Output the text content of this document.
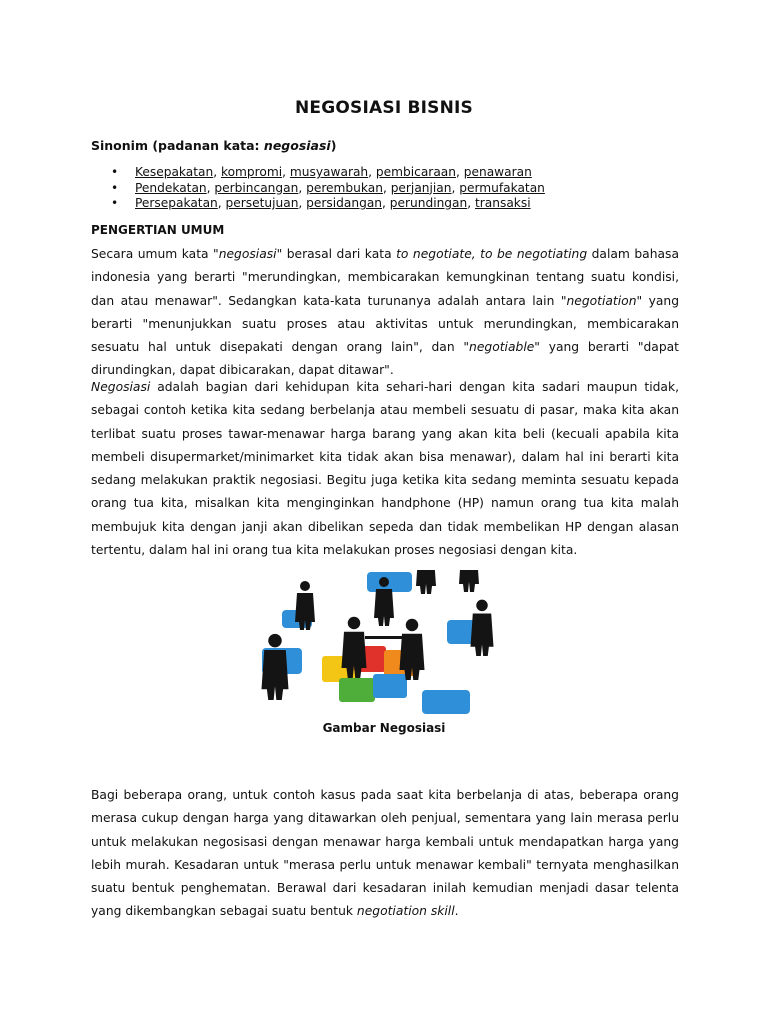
NEGOSIASI BISNIS
Sinonim (padanan kata: negosiasi)
• Kesepakatan, kompromi, musyawarah, pembicaraan, penawaran
• Pendekatan, perbincangan, perembukan, perjanjian, permufakatan
• Persepakatan, persetujuan, persidangan, perundingan, transaksi
PENGERTIAN UMUM

Secara umum kata "negosiasi" berasal dari kata to negotiate, to be negotiating dalam bahasa indonesia yang berarti "merundingkan, membicarakan kemungkinan tentang suatu kondisi, dan atau menawar". Sedangkan kata-kata turunanya adalah antara lain "negotiation" yang berarti "menunjukkan suatu proses atau aktivitas untuk merundingkan, membicarakan sesuatu hal untuk disepakati dengan orang lain", dan "negotiable" yang berarti "dapat dirundingkan, dapat dibicarakan, dapat ditawar".

Negosiasi adalah bagian dari kehidupan kita sehari-hari dengan kita sadari maupun tidak, sebagai contoh ketika kita sedang berbelanja atau membeli sesuatu di pasar, maka kita akan terlibat suatu proses tawar-menawar harga barang yang akan kita beli (kecuali apabila kita membeli disupermarket/minimarket kita tidak akan bisa menawar), dalam hal ini berarti kita sedang melakukan praktik negosiasi. Begitu juga ketika kita sedang meminta sesuatu kepada orang tua kita, misalkan kita menginginkan handphone (HP) namun orang tua kita malah membujuk kita dengan janji akan dibelikan sepeda dan tidak membelikan HP dengan alasan tertentu, dalam hal ini orang tua kita melakukan proses negosiasi dengan kita.

Gambar Negosiasi

Bagi beberapa orang, untuk contoh kasus pada saat kita berbelanja di atas, beberapa orang merasa cukup dengan harga yang ditawarkan oleh penjual, sementara yang lain merasa perlu untuk melakukan negosisasi dengan menawar harga kembali untuk mendapatkan harga yang lebih murah. Kesadaran untuk "merasa perlu untuk menawar kembali" ternyata menghasilkan suatu bentuk penghematan. Berawal dari kesadaran inilah kemudian menjadi dasar telenta yang dikembangkan sebagai suatu bentuk negotiation skill.
